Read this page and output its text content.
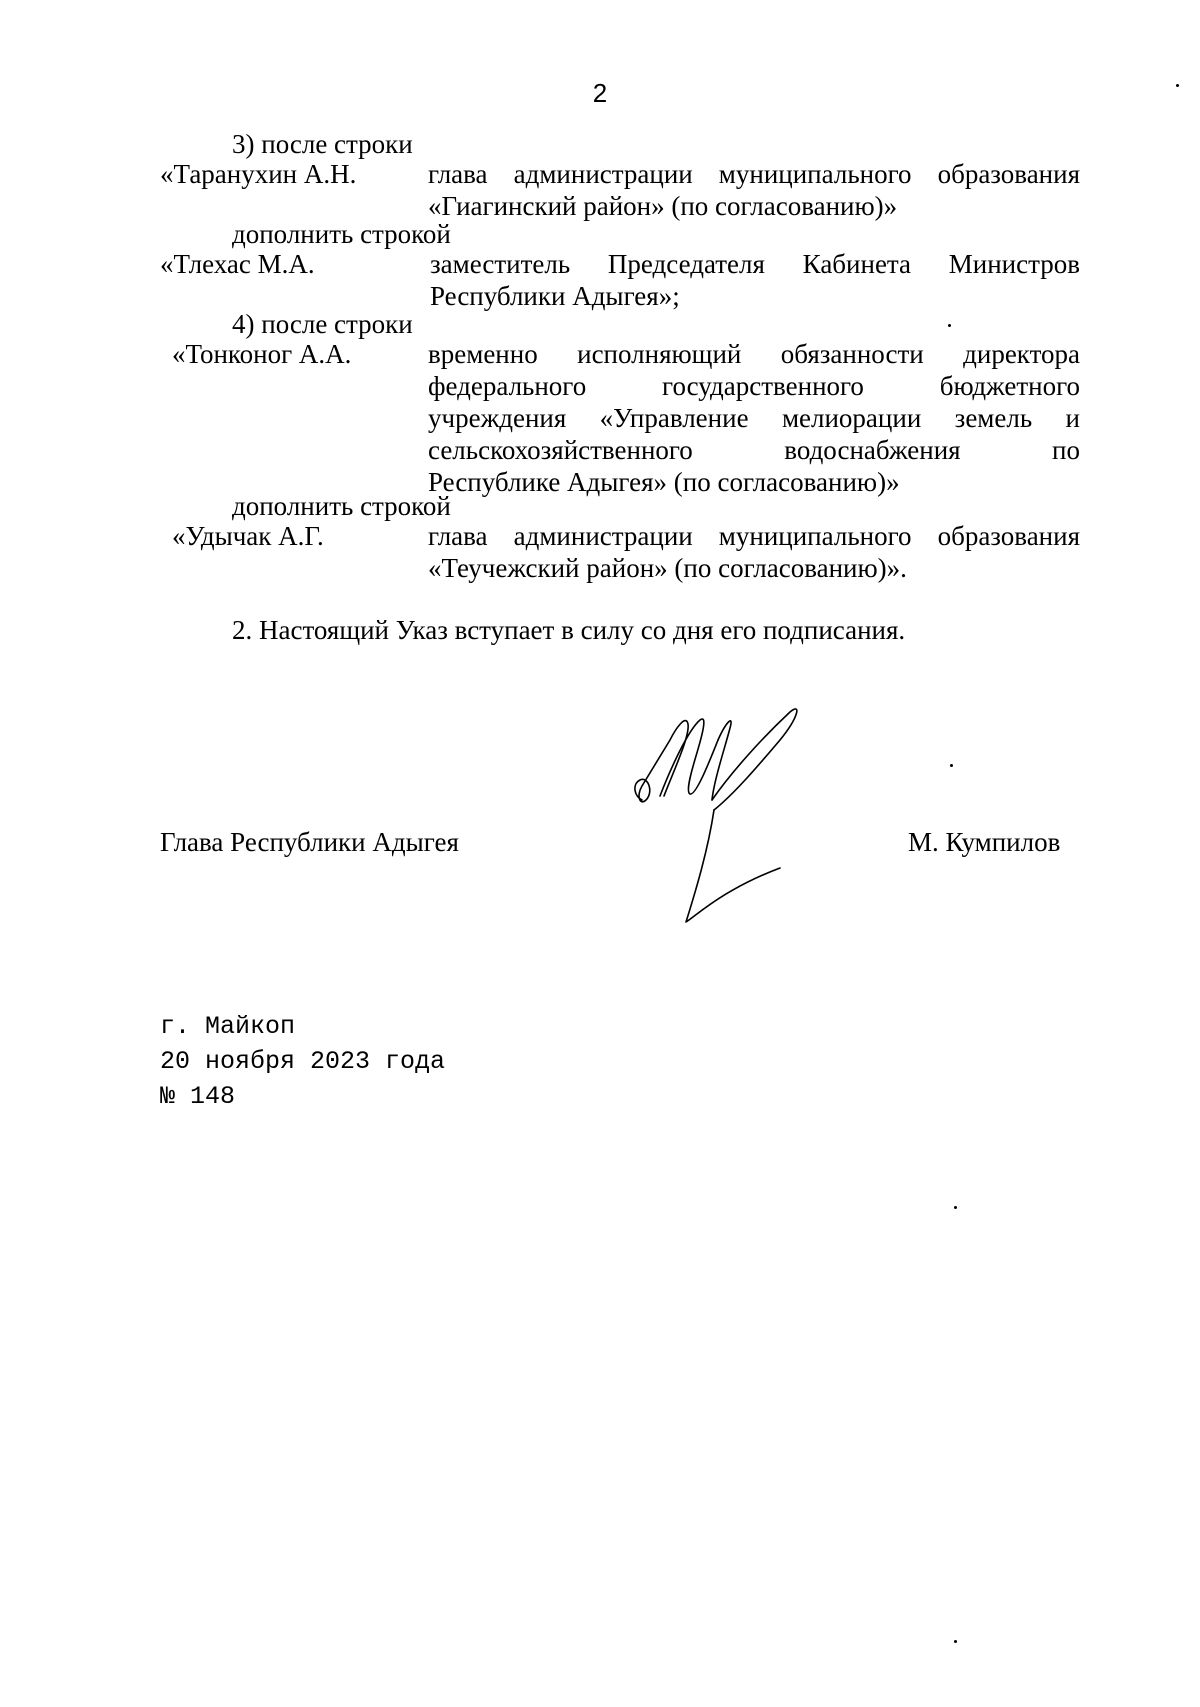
2
3) после строки
«Таранухин А.Н.	глава администрации муниципального образования
«Гиагинский район» (по согласованию)»
дополнить строкой
«Тлехас М.А.	заместитель Председателя Кабинета Министров
Республики Адыгея»;
4) после строки
«Тонконог А.А.	временно исполняющий обязанности директора
федерального государственного бюджетного
учреждения «Управление мелиорации земель и
сельскохозяйственного водоснабжения по
Республике Адыгея» (по согласованию)»
дополнить строкой
«Удычак А.Г.	глава администрации муниципального образования
«Теучежский район» (по согласованию)».
2. Настоящий Указ вступает в силу со дня его подписания.
Глава Республики Адыгея	М. Кумпилов
г. Майкоп
20 ноября 2023 года
№ 148
